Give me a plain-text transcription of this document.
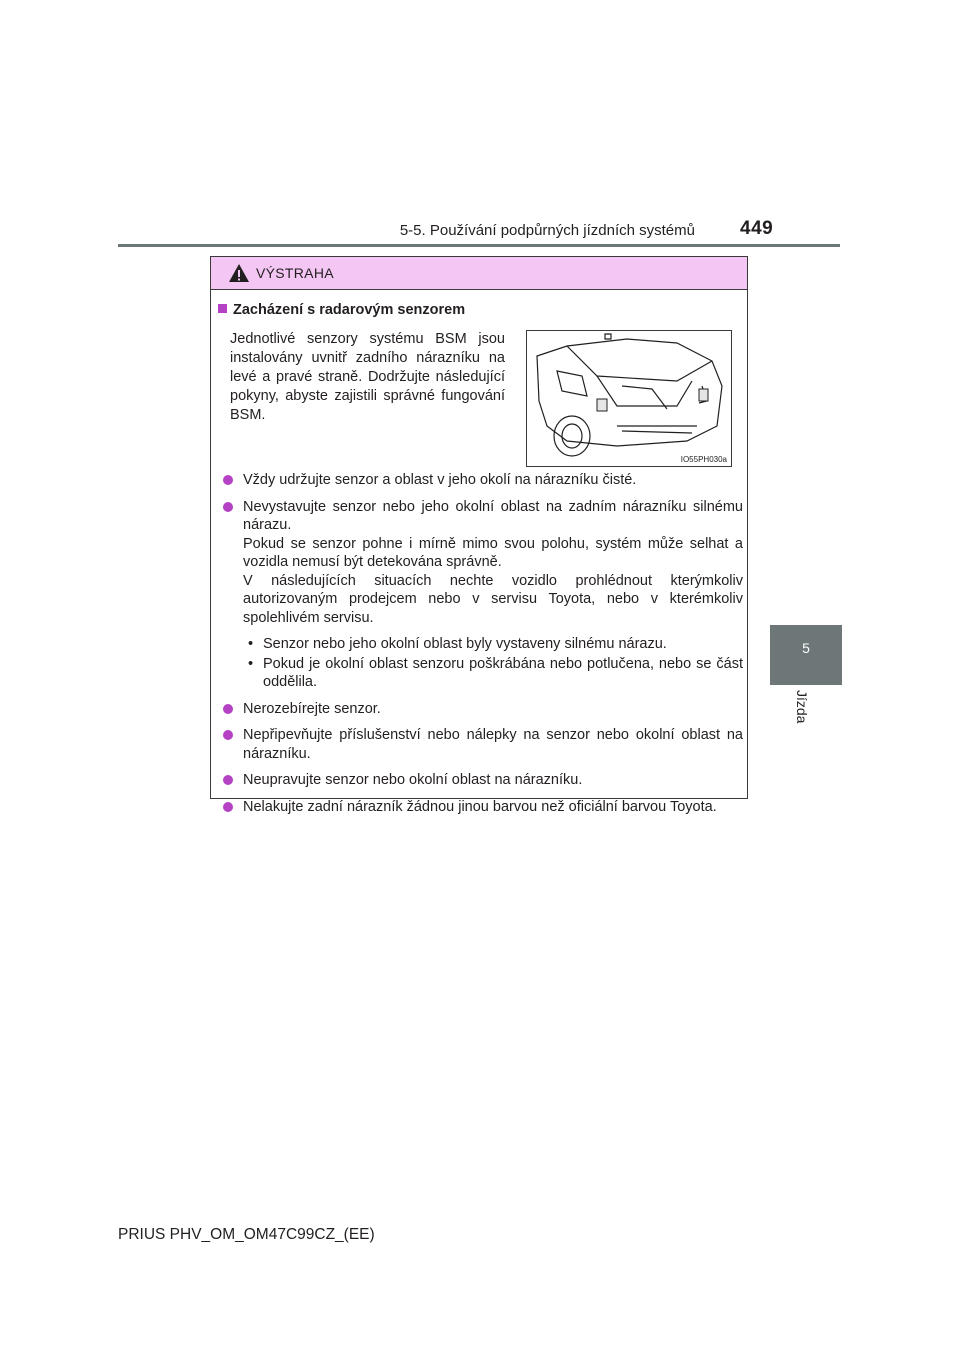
5-5. Používání podpůrných jízdních systémů 449
5
Jízda
VÝSTRAHA
Zacházení s radarovým senzorem
Jednotlivé senzory systému BSM jsou instalovány uvnitř zadního nárazníku na levé a pravé straně. Dodržujte následující pokyny, abyste zajistili správné fungování BSM.
IO55PH030a
Vždy udržujte senzor a oblast v jeho okolí na nárazníku čisté.
Nevystavujte senzor nebo jeho okolní oblast na zadním nárazníku silnému nárazu.
Pokud se senzor pohne i mírně mimo svou polohu, systém může selhat a vozidla nemusí být detekována správně.
V následujících situacích nechte vozidlo prohlédnout kterýmkoliv autorizovaným prodejcem nebo v servisu Toyota, nebo v kterémkoliv spolehlivém servisu.
• Senzor nebo jeho okolní oblast byly vystaveny silnému nárazu.
• Pokud je okolní oblast senzoru poškrábána nebo potlučena, nebo se část oddělila.
Nerozebírejte senzor.
Nepřipevňujte příslušenství nebo nálepky na senzor nebo okolní oblast na nárazníku.
Neupravujte senzor nebo okolní oblast na nárazníku.
Nelakujte zadní nárazník žádnou jinou barvou než oficiální barvou Toyota.
PRIUS PHV_OM_OM47C99CZ_(EE)
